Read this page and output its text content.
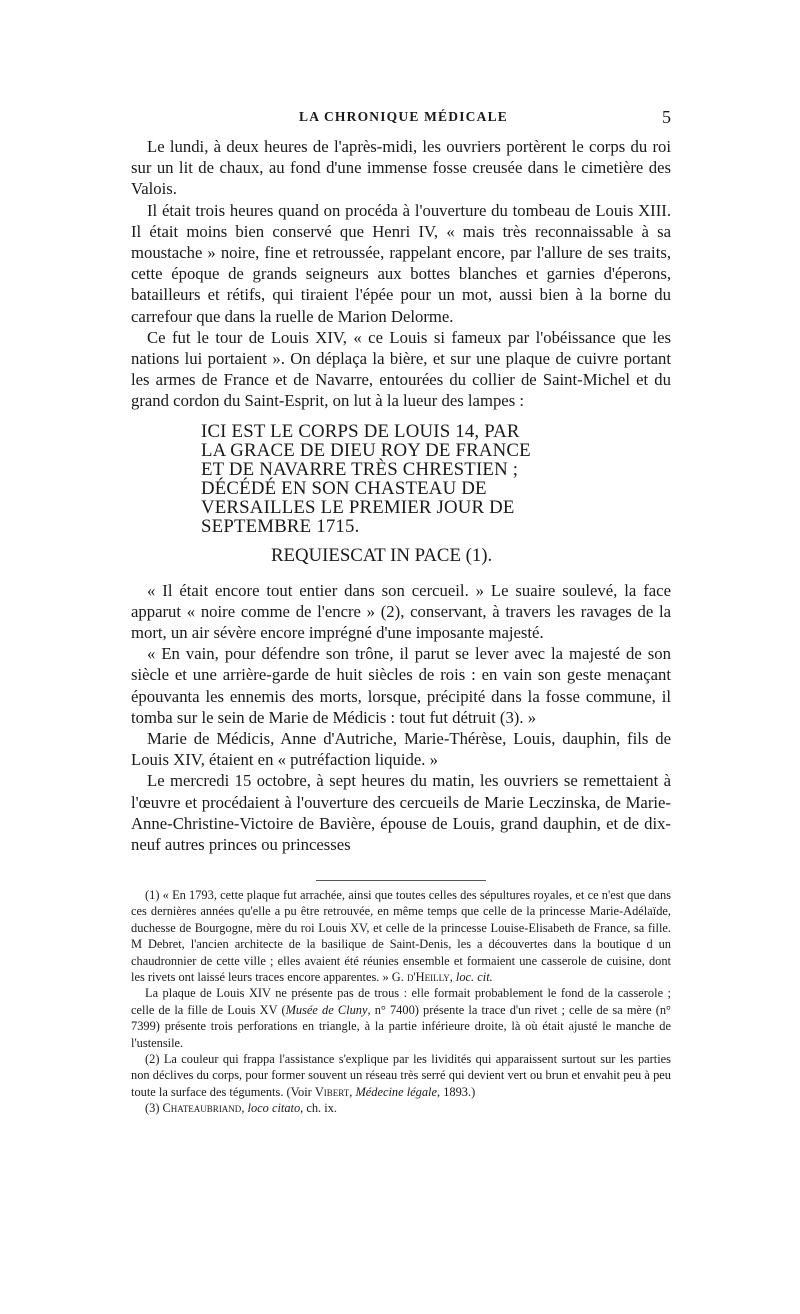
LA CHRONIQUE MÉDICALE	5

Le lundi, à deux heures de l'après-midi, les ouvriers portèrent le corps du roi sur un lit de chaux, au fond d'une immense fosse creusée dans le cimetière des Valois.

Il était trois heures quand on procéda à l'ouverture du tombeau de Louis XIII. Il était moins bien conservé que Henri IV, « mais très reconnaissable à sa moustache » noire, fine et retroussée, rappelant encore, par l'allure de ses traits, cette époque de grands seigneurs aux bottes blanches et garnies d'éperons, batailleurs et rétifs, qui tiraient l'épée pour un mot, aussi bien à la borne du carrefour que dans la ruelle de Marion Delorme.

Ce fut le tour de Louis XIV, « ce Louis si fameux par l'obéissance que les nations lui portaient ». On déplaça la bière, et sur une plaque de cuivre portant les armes de France et de Navarre, entourées du collier de Saint-Michel et du grand cordon du Saint-Esprit, on lut à la lueur des lampes :

ICI EST LE CORPS DE LOUIS 14, PAR
LA GRACE DE DIEU ROY DE FRANCE
ET DE NAVARRE TRÈS CHRESTIEN ;
DÉCÉDÉ EN SON CHASTEAU DE
VERSAILLES LE PREMIER JOUR DE
SEPTEMBRE 1715.
REQUIESCAT IN PACE (1).

« Il était encore tout entier dans son cercueil. » Le suaire soulevé, la face apparut « noire comme de l'encre » (2), conservant, à travers les ravages de la mort, un air sévère encore imprégné d'une imposante majesté.

« En vain, pour défendre son trône, il parut se lever avec la majesté de son siècle et une arrière-garde de huit siècles de rois : en vain son geste menaçant épouvanta les ennemis des morts, lorsque, précipité dans la fosse commune, il tomba sur le sein de Marie de Médicis : tout fut détruit (3). »

Marie de Médicis, Anne d'Autriche, Marie-Thérèse, Louis, dauphin, fils de Louis XIV, étaient en « putréfaction liquide. »

Le mercredi 15 octobre, à sept heures du matin, les ouvriers se remettaient à l'œuvre et procédaient à l'ouverture des cercueils de Marie Leczinska, de Marie-Anne-Christine-Victoire de Bavière, épouse de Louis, grand dauphin, et de dix-neuf autres princes ou princesses

(1) « En 1793, cette plaque fut arrachée, ainsi que toutes celles des sépultures royales, et ce n'est que dans ces dernières années qu'elle a pu être retrouvée, en même temps que celle de la princesse Marie-Adélaïde, duchesse de Bourgogne, mère du roi Louis XV, et celle de la princesse Louise-Elisabeth de France, sa fille. M Debret, l'ancien architecte de la basilique de Saint-Denis, les a découvertes dans la boutique d un chaudronnier de cette ville ; elles avaient été réunies ensemble et formaient une casserole de cuisine, dont les rivets ont laissé leurs traces encore apparentes. » G. d'Heilly, loc. cit.

La plaque de Louis XIV ne présente pas de trous : elle formait probablement le fond de la casserole ; celle de la fille de Louis XV (Musée de Cluny, n° 7400) présente la trace d'un rivet ; celle de sa mère (n° 7399) présente trois perforations en triangle, à la partie inférieure droite, là où était ajusté le manche de l'ustensile.

(2) La couleur qui frappa l'assistance s'explique par les lividités qui apparaissent surtout sur les parties non déclives du corps, pour former souvent un réseau très serré qui devient vert ou brun et envahit peu à peu toute la surface des téguments. (Voir Vibert, Médecine légale, 1893.)

(3) Chateaubriand, loco citato, ch. ix.
